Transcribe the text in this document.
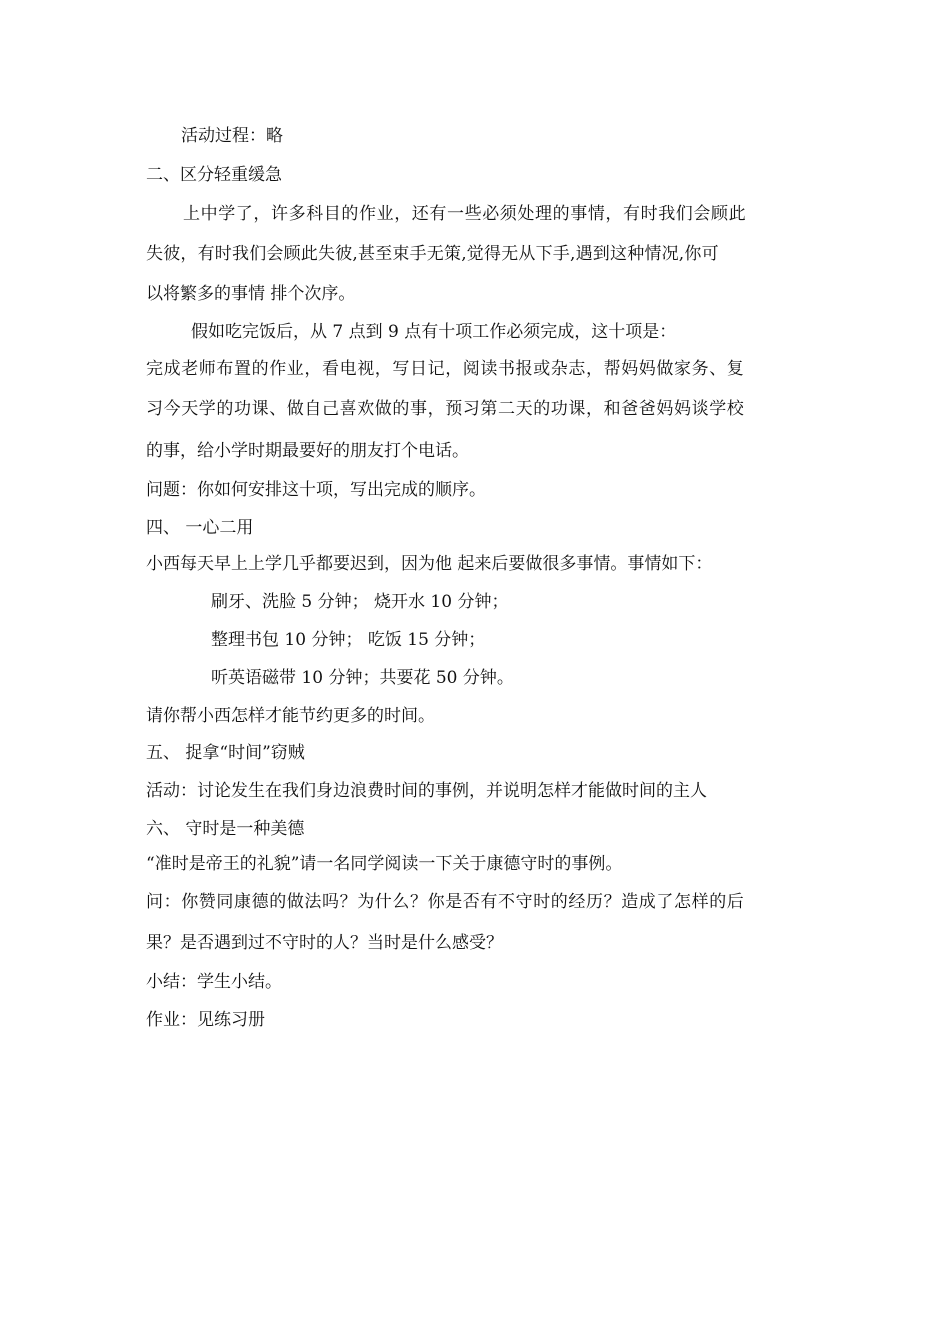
活动过程：略
二、区分轻重缓急
上中学了，许多科目的作业，还有一些必须处理的事情，有时我们会顾此
失彼，有时我们会顾此失彼,甚至束手无策,觉得无从下手,遇到这种情况,你可
以将繁多的事情 排个次序。
假如吃完饭后，从 7 点到 9 点有十项工作必须完成，这十项是：
完成老师布置的作业，看电视，写日记，阅读书报或杂志，帮妈妈做家务、复
习今天学的功课、做自己喜欢做的事，预习第二天的功课，和爸爸妈妈谈学校
的事，给小学时期最要好的朋友打个电话。
问题：你如何安排这十项，写出完成的顺序。
四、 一心二用
小西每天早上上学几乎都要迟到，因为他 起来后要做很多事情。事情如下：
刷牙、洗脸 5 分钟； 烧开水 10 分钟；
整理书包 10 分钟； 吃饭 15 分钟；
听英语磁带 10 分钟；共要花 50 分钟。
请你帮小西怎样才能节约更多的时间。
五、 捉拿“时间”窃贼
活动：讨论发生在我们身边浪费时间的事例，并说明怎样才能做时间的主人
六、 守时是一种美德
“准时是帝王的礼貌”请一名同学阅读一下关于康德守时的事例。
问：你赞同康德的做法吗？为什么？你是否有不守时的经历？造成了怎样的后
果？是否遇到过不守时的人？当时是什么感受？
小结：学生小结。
作业：见练习册
